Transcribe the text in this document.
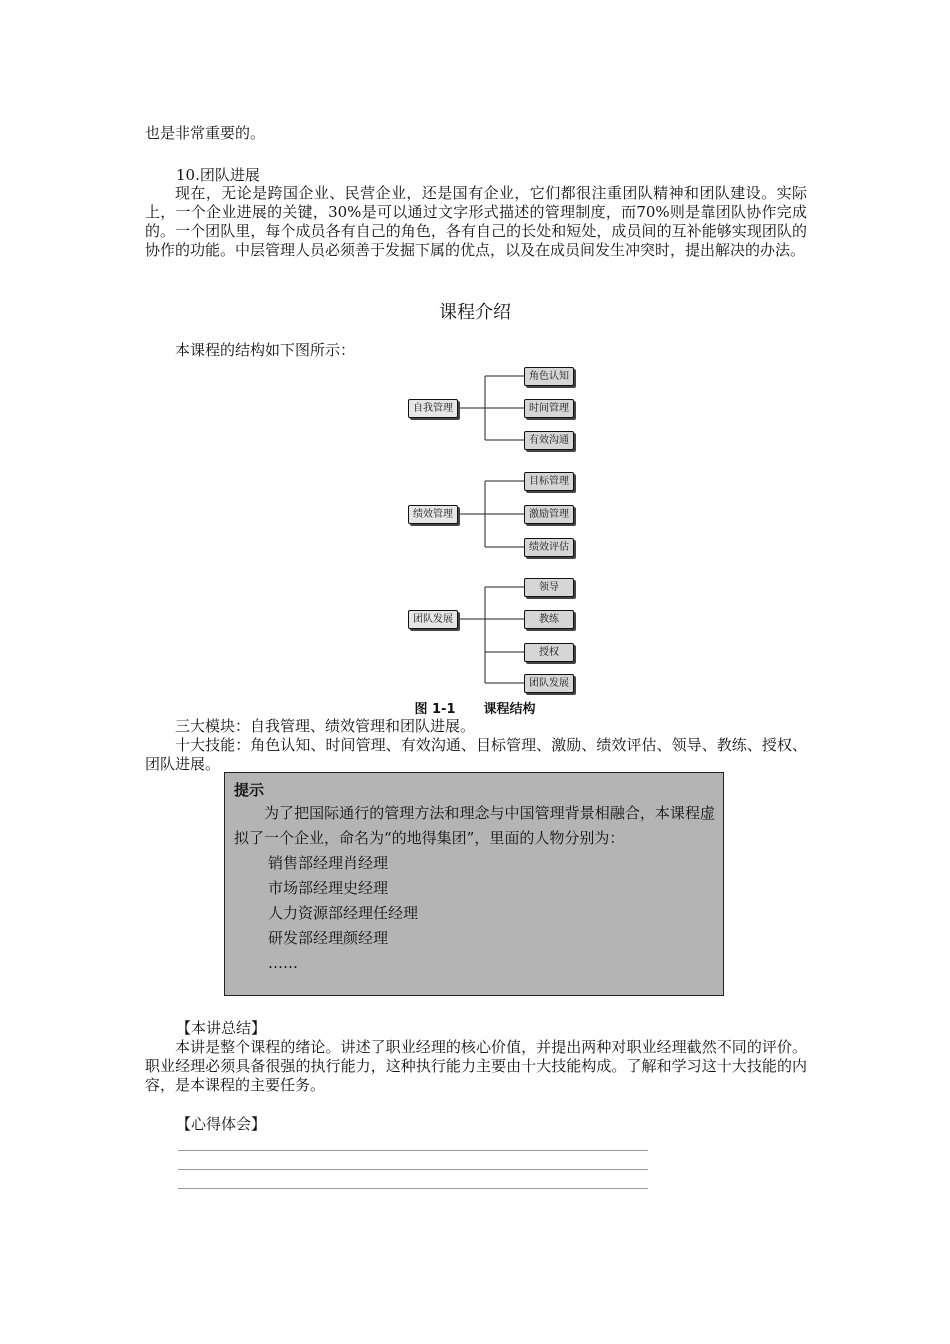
也是非常重要的。
10.团队进展
现在，无论是跨国企业、民营企业，还是国有企业，它们都很注重团队精神和团队建设。实际上，一个企业进展的关键，30%是可以通过文字形式描述的管理制度，而70%则是靠团队协作完成的。一个团队里，每个成员各有自己的角色，各有自己的长处和短处，成员间的互补能够实现团队的协作的功能。中层管理人员必须善于发掘下属的优点，以及在成员间发生冲突时，提出解决的办法。
课程介绍
本课程的结构如下图所示：
自我管理
角色认知
时间管理
有效沟通
绩效管理
目标管理
激励管理
绩效评估
团队发展
领导
教练
授权
团队发展
图 1-1 课程结构
三大模块：自我管理、绩效管理和团队进展。
十大技能：角色认知、时间管理、有效沟通、目标管理、激励、绩效评估、领导、教练、授权、团队进展。
提示
为了把国际通行的管理方法和理念与中国管理背景相融合，本课程虚拟了一个企业，命名为“的地得集团”，里面的人物分别为：
销售部经理肖经理
市场部经理史经理
人力资源部经理任经理
研发部经理颜经理
……
【本讲总结】
本讲是整个课程的绪论。讲述了职业经理的核心价值，并提出两种对职业经理截然不同的评价。职业经理必须具备很强的执行能力，这种执行能力主要由十大技能构成。了解和学习这十大技能的内容，是本课程的主要任务。
【心得体会】
